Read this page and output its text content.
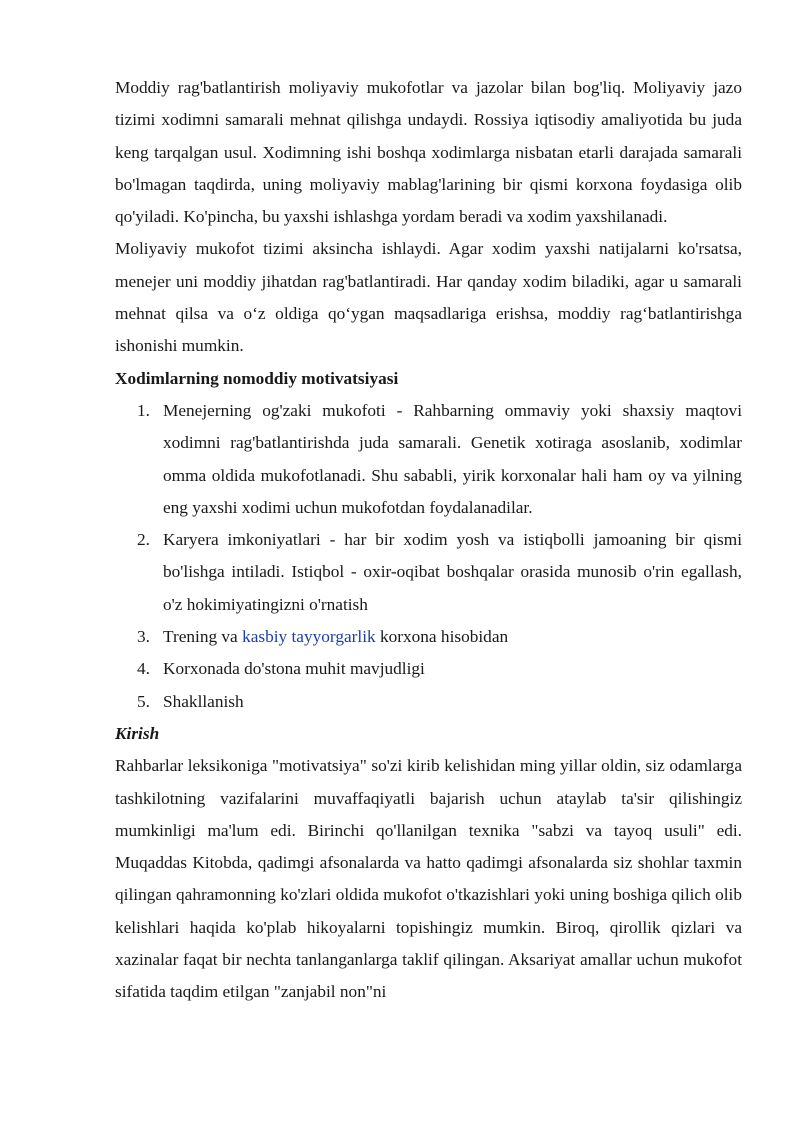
Moddiy rag'batlantirish moliyaviy mukofotlar va jazolar bilan bog'liq. Moliyaviy jazo tizimi xodimni samarali mehnat qilishga undaydi. Rossiya iqtisodiy amaliyotida bu juda keng tarqalgan usul. Xodimning ishi boshqa xodimlarga nisbatan etarli darajada samarali bo'lmagan taqdirda, uning moliyaviy mablag'larining bir qismi korxona foydasiga olib qo'yiladi. Ko'pincha, bu yaxshi ishlashga yordam beradi va xodim yaxshilanadi.

Moliyaviy mukofot tizimi aksincha ishlaydi. Agar xodim yaxshi natijalarni ko'rsatsa, menejer uni moddiy jihatdan rag'batlantiradi. Har qanday xodim biladiki, agar u samarali mehnat qilsa va o‘z oldiga qo‘ygan maqsadlariga erishsa, moddiy rag‘batlantirishga ishonishi mumkin.

Xodimlarning nomoddiy motivatsiyasi
1. Menejerning og'zaki mukofoti - Rahbarning ommaviy yoki shaxsiy maqtovi xodimni rag'batlantirishda juda samarali. Genetik xotiraga asoslanib, xodimlar omma oldida mukofotlanadi. Shu sababli, yirik korxonalar hali ham oy va yilning eng yaxshi xodimi uchun mukofotdan foydalanadilar.
2. Karyera imkoniyatlari - har bir xodim yosh va istiqbolli jamoaning bir qismi bo'lishga intiladi. Istiqbol - oxir-oqibat boshqalar orasida munosib o'rin egallash, o'z hokimiyatingizni o'rnatish
3. Trening va kasbiy tayyorgarlik korxona hisobidan
4. Korxonada do'stona muhit mavjudligi
5. Shakllanish
Kirish

Rahbarlar leksikoniga "motivatsiya" so'zi kirib kelishidan ming yillar oldin, siz odamlarga tashkilotning vazifalarini muvaffaqiyatli bajarish uchun ataylab ta'sir qilishingiz mumkinligi ma'lum edi. Birinchi qo'llanilgan texnika "sabzi va tayoq usuli" edi. Muqaddas Kitobda, qadimgi afsonalarda va hatto qadimgi afsonalarda siz shohlar taxmin qilingan qahramonning ko'zlari oldida mukofot o'tkazishlari yoki uning boshiga qilich olib kelishlari haqida ko'plab hikoyalarni topishingiz mumkin. Biroq, qirollik qizlari va xazinalar faqat bir nechta tanlanganlarga taklif qilingan. Aksariyat amallar uchun mukofot sifatida taqdim etilgan "zanjabil non"ni
